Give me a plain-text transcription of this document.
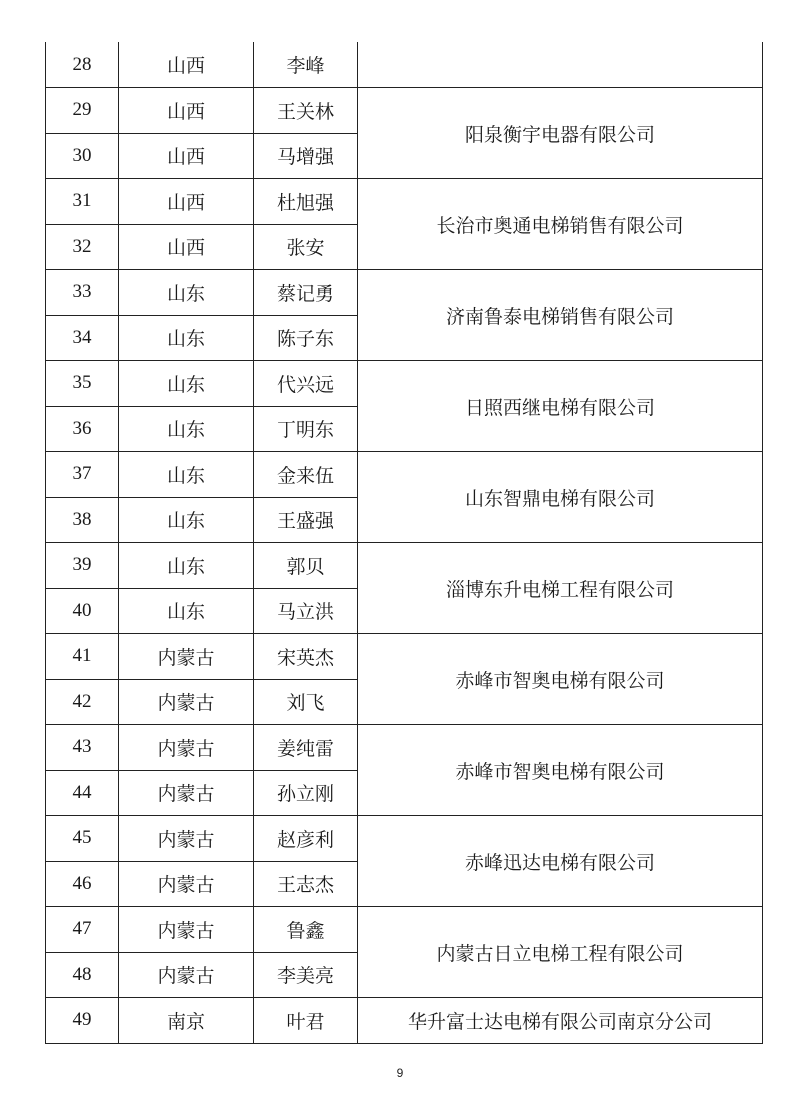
28	山西	李峰	
29	山西	王关林	阳泉衡宇电器有限公司
30	山西	马增强	
31	山西	杜旭强	长治市奥通电梯销售有限公司
32	山西	张安	
33	山东	蔡记勇	济南鲁泰电梯销售有限公司
34	山东	陈子东	
35	山东	代兴远	日照西继电梯有限公司
36	山东	丁明东	
37	山东	金来伍	山东智鼎电梯有限公司
38	山东	王盛强	
39	山东	郭贝	淄博东升电梯工程有限公司
40	山东	马立洪	
41	内蒙古	宋英杰	赤峰市智奥电梯有限公司
42	内蒙古	刘飞	
43	内蒙古	姜纯雷	赤峰市智奥电梯有限公司
44	内蒙古	孙立刚	
45	内蒙古	赵彦利	赤峰迅达电梯有限公司
46	内蒙古	王志杰	
47	内蒙古	鲁鑫	内蒙古日立电梯工程有限公司
48	内蒙古	李美亮	
49	南京	叶君	华升富士达电梯有限公司南京分公司
9
